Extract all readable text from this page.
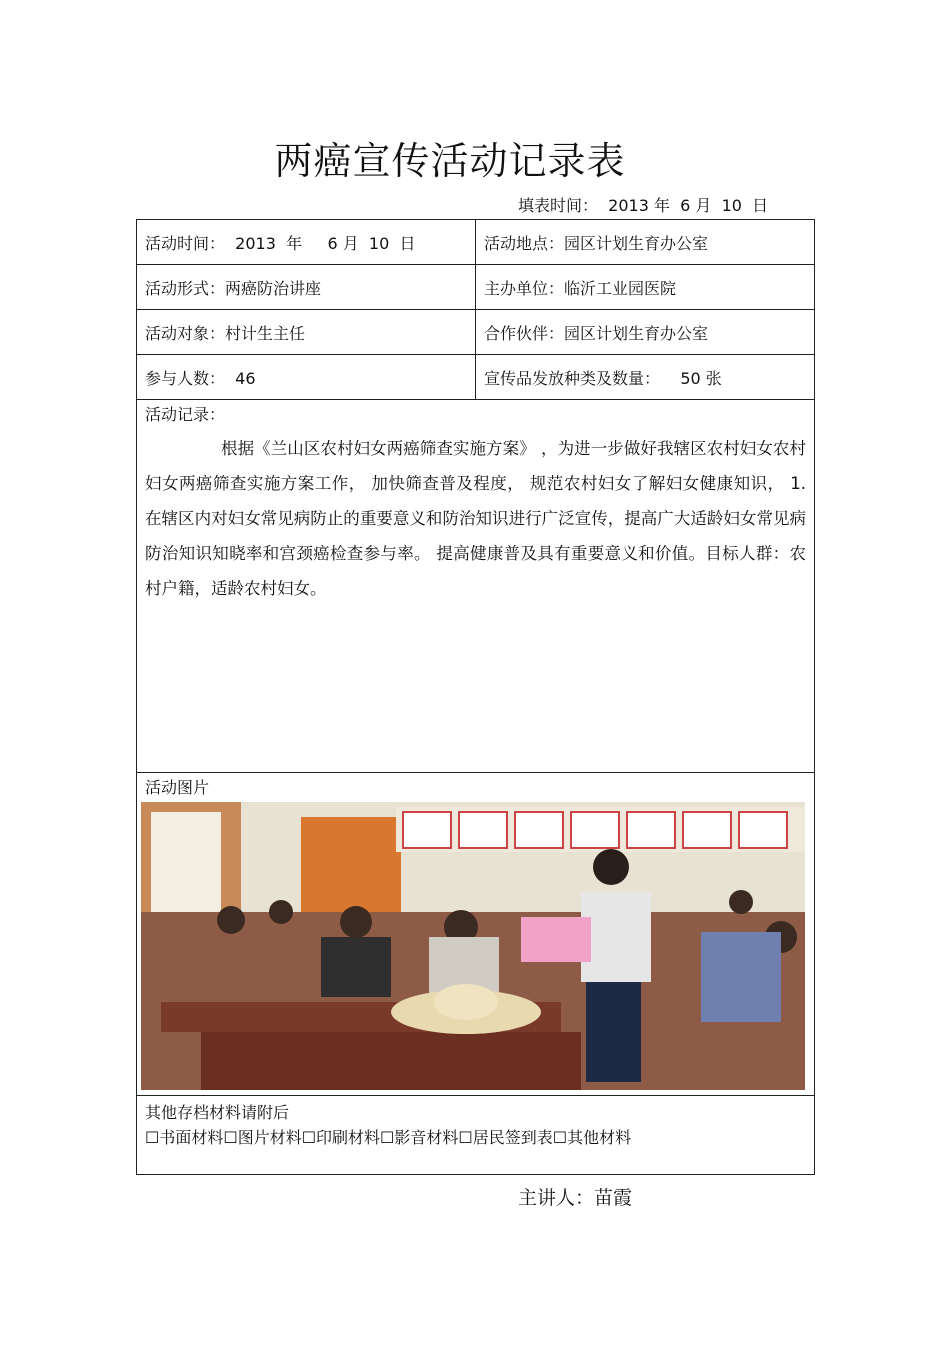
两癌宣传活动记录表
填表时间：  2013 年  6 月  10  日
活动时间：  2013  年     6 月  10  日	活动地点：园区计划生育办公室
活动形式：两癌防治讲座	主办单位：临沂工业园医院
活动对象：村计生主任	合作伙伴：园区计划生育办公室
参与人数：  46	宣传品发放种类及数量：    50 张

活动记录：
根据《兰山区农村妇女两癌筛查实施方案》 ，为进一步做好我辖区农村妇女农村妇女两癌筛查实施方案工作， 加快筛查普及程度， 规范农村妇女了解妇女健康知识， 1. 在辖区内对妇女常见病防止的重要意义和防治知识进行广泛宣传，提高广大适龄妇女常见病防治知识知晓率和宫颈癌检查参与率。 提高健康普及具有重要意义和价值。目标人群：农村户籍，适龄农村妇女。	

活动图片	

其他存档材料请附后
☐书面材料☐图片材料☐印刷材料☐影音材料☐居民签到表☐其他材料	
主讲人：苗霞
